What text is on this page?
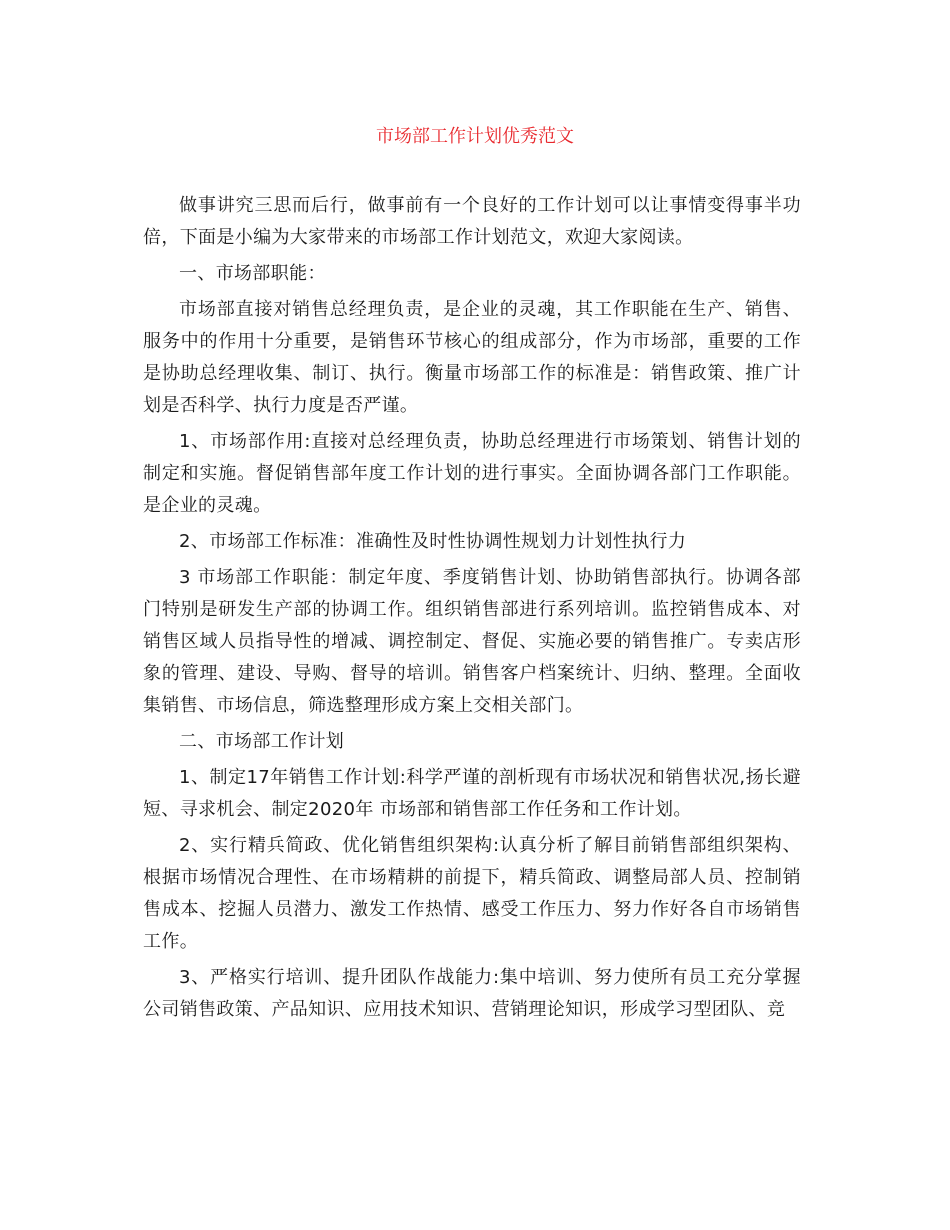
市场部工作计划优秀范文

做事讲究三思而后行，做事前有一个良好的工作计划可以让事情变得事半功倍，下面是小编为大家带来的市场部工作计划范文，欢迎大家阅读。

一、市场部职能：

市场部直接对销售总经理负责，是企业的灵魂，其工作职能在生产、销售、服务中的作用十分重要，是销售环节核心的组成部分，作为市场部，重要的工作是协助总经理收集、制订、执行。衡量市场部工作的标准是：销售政策、推广计划是否科学、执行力度是否严谨。

1、市场部作用:直接对总经理负责，协助总经理进行市场策划、销售计划的制定和实施。督促销售部年度工作计划的进行事实。全面协调各部门工作职能。是企业的灵魂。

2、市场部工作标准：准确性及时性协调性规划力计划性执行力

3 市场部工作职能：制定年度、季度销售计划、协助销售部执行。协调各部门特别是研发生产部的协调工作。组织销售部进行系列培训。监控销售成本、对销售区域人员指导性的增减、调控制定、督促、实施必要的销售推广。专卖店形象的管理、建设、导购、督导的培训。销售客户档案统计、归纳、整理。全面收集销售、市场信息，筛选整理形成方案上交相关部门。

二、市场部工作计划

1、制定17年销售工作计划:科学严谨的剖析现有市场状况和销售状况,扬长避短、寻求机会、制定2020年 市场部和销售部工作任务和工作计划。

2、实行精兵简政、优化销售组织架构:认真分析了解目前销售部组织架构、根据市场情况合理性、在市场精耕的前提下，精兵简政、调整局部人员、控制销售成本、挖掘人员潜力、激发工作热情、感受工作压力、努力作好各自市场销售工作。

3、严格实行培训、提升团队作战能力:集中培训、努力使所有员工充分掌握公司销售政策、产品知识、应用技术知识、营销理论知识，形成学习型团队、竞
